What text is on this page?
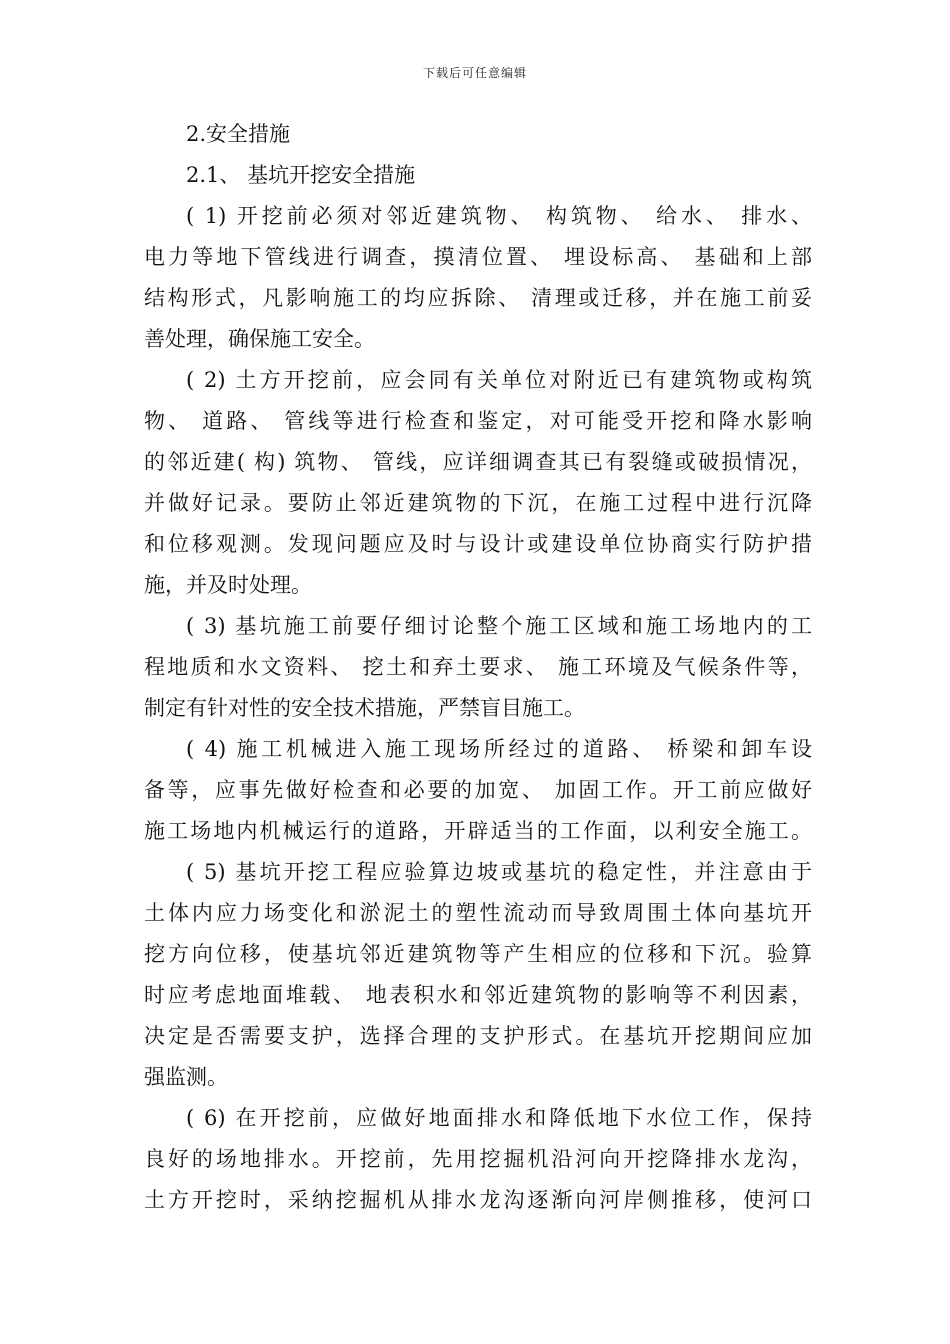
下载后可任意编辑
2.安全措施
2.1、 基坑开挖安全措施
( 1) 开挖前必须对邻近建筑物、 构筑物、 给水、 排水、
电力等地下管线进行调查，摸清位置、 埋设标高、 基础和上部
结构形式，凡影响施工的均应拆除、 清理或迁移，并在施工前妥
善处理，确保施工安全。
( 2) 土方开挖前，应会同有关单位对附近已有建筑物或构筑
物、 道路、 管线等进行检查和鉴定，对可能受开挖和降水影响
的邻近建( 构) 筑物、 管线，应详细调查其已有裂缝或破损情况，
并做好记录。要防止邻近建筑物的下沉，在施工过程中进行沉降
和位移观测。发现问题应及时与设计或建设单位协商实行防护措
施，并及时处理。
( 3) 基坑施工前要仔细讨论整个施工区域和施工场地内的工
程地质和水文资料、 挖土和弃土要求、 施工环境及气候条件等，
制定有针对性的安全技术措施，严禁盲目施工。
( 4) 施工机械进入施工现场所经过的道路、 桥梁和卸车设
备等，应事先做好检查和必要的加宽、 加固工作。开工前应做好
施工场地内机械运行的道路，开辟适当的工作面，以利安全施工。
( 5) 基坑开挖工程应验算边坡或基坑的稳定性，并注意由于
土体内应力场变化和淤泥土的塑性流动而导致周围土体向基坑开
挖方向位移，使基坑邻近建筑物等产生相应的位移和下沉。验算
时应考虑地面堆载、 地表积水和邻近建筑物的影响等不利因素，
决定是否需要支护，选择合理的支护形式。在基坑开挖期间应加
强监测。
( 6) 在开挖前，应做好地面排水和降低地下水位工作，保持
良好的场地排水。开挖前，先用挖掘机沿河向开挖降排水龙沟，
土方开挖时，采纳挖掘机从排水龙沟逐渐向河岸侧推移，使河口
